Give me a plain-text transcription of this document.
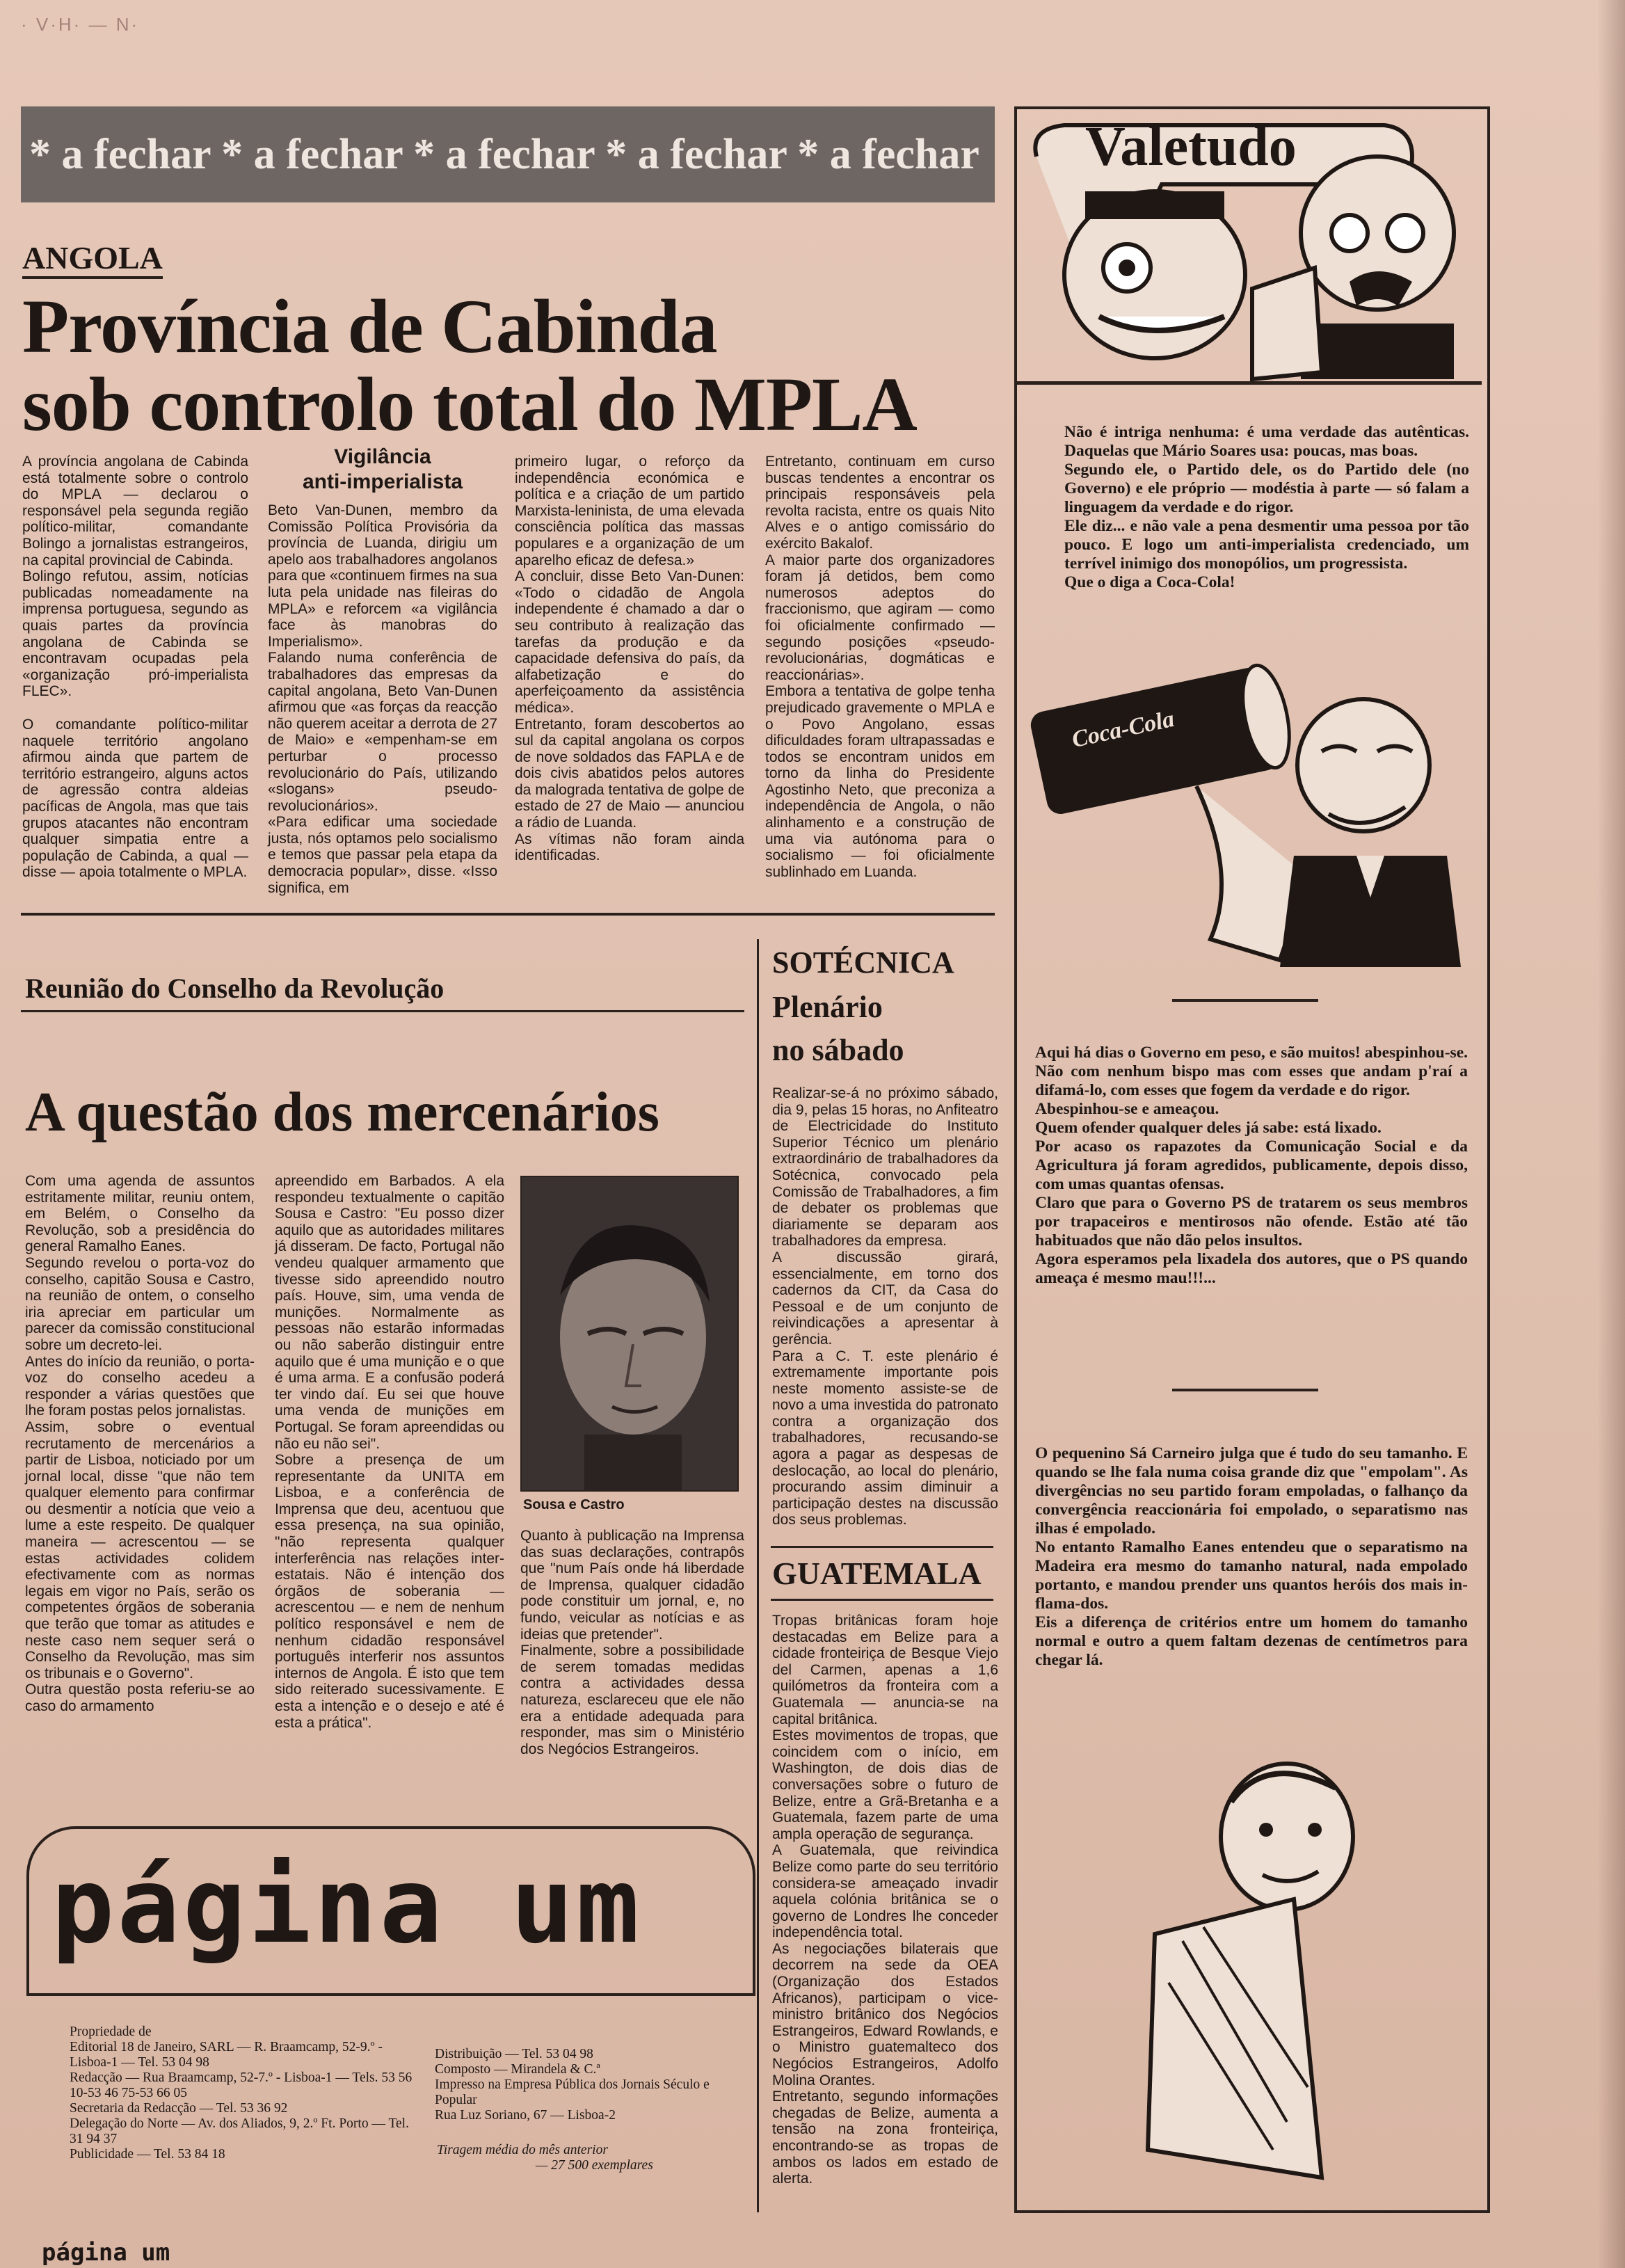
· V·H· — N·
* a fechar * a fechar * a fechar * a fechar * a fechar
ANGOLA
Província de Cabinda
sob controlo total do MPLA
A província angolana de Cabinda está totalmente sobre o controlo do MPLA — declarou o responsável pela segunda região político-militar, comandante Bolingo a jornalistas estrangeiros, na capital provincial de Cabinda.
Bolingo refutou, assim, notícias publicadas nomeadamente na imprensa portuguesa, segundo as quais partes da província angolana de Cabinda se encontravam ocupadas pela «organização pró-imperialista FLEC».
O comandante político-militar naquele território angolano afirmou ainda que partem de território estrangeiro, alguns actos de agressão contra aldeias pacíficas de Angola, mas que tais grupos atacantes não encontram qualquer simpatia entre a população de Cabinda, a qual — disse — apoia totalmente o MPLA.
Vigilância
anti-imperialista
Beto Van-Dunen, membro da Comissão Política Provisória da província de Luanda, dirigiu um apelo aos trabalhadores angolanos para que «continuem firmes na sua luta pela unidade nas fileiras do MPLA» e reforcem «a vigilância face às manobras do Imperialismo».
Falando numa conferência de trabalhadores das empresas da capital angolana, Beto Van-Dunen afirmou que «as forças da reacção não querem aceitar a derrota de 27 de Maio» e «empenham-se em perturbar o processo revolucionário do País, utilizando «slogans» pseudo-revolucionários».
«Para edificar uma sociedade justa, nós optamos pelo socialismo e temos que passar pela etapa da democracia popular», disse. «Isso significa, em
primeiro lugar, o reforço da independência económica e política e a criação de um partido Marxista-leninista, de uma elevada consciência política das massas populares e a organização de um aparelho eficaz de defesa.»
A concluir, disse Beto Van-Dunen: «Todo o cidadão de Angola independente é chamado a dar o seu contributo à realização das tarefas da produção e da capacidade defensiva do país, da alfabetização e do aperfeiçoamento da assistência médica».
Entretanto, foram descobertos ao sul da capital angolana os corpos de nove soldados das FAPLA e de dois civis abatidos pelos autores da malograda tentativa de golpe de estado de 27 de Maio — anunciou a rádio de Luanda.
As vítimas não foram ainda identificadas.
Entretanto, continuam em curso buscas tendentes a encontrar os principais responsáveis pela revolta racista, entre os quais Nito Alves e o antigo comissário do exército Bakalof.
A maior parte dos organizadores foram já detidos, bem como numerosos adeptos do fraccionismo, que agiram — como foi oficialmente confirmado — segundo posições «pseudo-revolucionárias, dogmáticas e reaccionárias».
Embora a tentativa de golpe tenha prejudicado gravemente o MPLA e o Povo Angolano, essas dificuldades foram ultrapassadas e todos se encontram unidos em torno da linha do Presidente Agostinho Neto, que preconiza a independência de Angola, o não alinhamento e a construção de uma via autónoma para o socialismo — foi oficialmente sublinhado em Luanda.
Reunião do Conselho da Revolução
A questão dos mercenários
Com uma agenda de assuntos estritamente militar, reuniu ontem, em Belém, o Conselho da Revolução, sob a presidência do general Ramalho Eanes.
Segundo revelou o porta-voz do conselho, capitão Sousa e Castro, na reunião de ontem, o conselho iria apreciar em particular um parecer da comissão constitucional sobre um decreto-lei.
Antes do início da reunião, o porta-voz do conselho acedeu a responder a várias questões que lhe foram postas pelos jornalistas.
Assim, sobre o eventual recrutamento de mercenários a partir de Lisboa, noticiado por um jornal local, disse "que não tem qualquer elemento para confirmar ou desmentir a notícia que veio a lume a este respeito. De qualquer maneira — acrescentou — se estas actividades colidem efectivamente com as normas legais em vigor no País, serão os competentes órgãos de soberania que terão que tomar as atitudes e neste caso nem sequer será o Conselho da Revolução, mas sim os tribunais e o Governo".
Outra questão posta referiu-se ao caso do armamento
apreendido em Barbados. A ela respondeu textualmente o capitão Sousa e Castro: "Eu posso dizer aquilo que as autoridades militares já disseram. De facto, Portugal não vendeu qualquer armamento que tivesse sido apreendido noutro país. Houve, sim, uma venda de munições. Normalmente as pessoas não estarão informadas ou não saberão distinguir entre aquilo que é uma munição e o que é uma arma. E a confusão poderá ter vindo daí. Eu sei que houve uma venda de munições em Portugal. Se foram apreendidas ou não eu não sei".
Sobre a presença de um representante da UNITA em Lisboa, e a conferência de Imprensa que deu, acentuou que essa presença, na sua opinião, "não representa qualquer interferência nas relações inter-estatais. Não é intenção dos órgãos de soberania — acrescentou — e nem de nenhum político responsável e nem de nenhum cidadão responsável português interferir nos assuntos internos de Angola. É isto que tem sido reiterado sucessivamente. E esta a intenção e o desejo e até é esta a prática".
Sousa e Castro
Quanto à publicação na Imprensa das suas declarações, contrapôs que "num País onde há liberdade de Imprensa, qualquer cidadão pode constituir um jornal, e, no fundo, veicular as notícias e as ideias que pretender".
Finalmente, sobre a possibilidade de serem tomadas medidas contra a actividades dessa natureza, esclareceu que ele não era a entidade adequada para responder, mas sim o Ministério dos Negócios Estrangeiros.
página um
Propriedade de
Editorial 18 de Janeiro, SARL — R. Braamcamp, 52-9.º - Lisboa-1 — Tel. 53 04 98
Redacção — Rua Braamcamp, 52-7.º - Lisboa-1 — Tels. 53 56 10-53 46 75-53 66 05
Secretaria da Redacção — Tel. 53 36 92
Delegação do Norte — Av. dos Aliados, 9, 2.º Ft. Porto — Tel. 31 94 37
Publicidade — Tel. 53 84 18
Distribuição — Tel. 53 04 98
Composto — Mirandela & C.ª
Impresso na Empresa Pública dos Jornais Século e Popular
Rua Luz Soriano, 67 — Lisboa-2
Tiragem média do mês anterior
— 27 500 exemplares
SOTÉCNICA
Plenário
no sábado
Realizar-se-á no próximo sábado, dia 9, pelas 15 horas, no Anfiteatro de Electricidade do Instituto Superior Técnico um plenário extraordinário de trabalhadores da Sotécnica, convocado pela Comissão de Trabalhadores, a fim de debater os problemas que diariamente se deparam aos trabalhadores da empresa.
A discussão girará, essencialmente, em torno dos cadernos da CIT, da Casa do Pessoal e de um conjunto de reivindicações a apresentar à gerência.
Para a C. T. este plenário é extremamente importante pois neste momento assiste-se de novo a uma investida do patronato contra a organização dos trabalhadores, recusando-se agora a pagar as despesas de deslocação, ao local do plenário, procurando assim diminuir a participação destes na discussão dos seus problemas.
GUATEMALA
Tropas britânicas foram hoje destacadas em Belize para a cidade fronteiriça de Besque Viejo del Carmen, apenas a 1,6 quilómetros da fronteira com a Guatemala — anuncia-se na capital britânica.
Estes movimentos de tropas, que coincidem com o início, em Washington, de dois dias de conversações sobre o futuro de Belize, entre a Grã-Bretanha e a Guatemala, fazem parte de uma ampla operação de segurança.
A Guatemala, que reivindica Belize como parte do seu território considera-se ameaçado invadir aquela colónia britânica se o governo de Londres lhe conceder independência total.
As negociações bilaterais que decorrem na sede da OEA (Organização dos Estados Africanos), participam o vice-ministro britânico dos Negócios Estrangeiros, Edward Rowlands, e o Ministro guatemalteco dos Negócios Estrangeiros, Adolfo Molina Orantes.
Entretanto, segundo informações chegadas de Belize, aumenta a tensão na zona fronteiriça, encontrando-se as tropas de ambos os lados em estado de alerta.
Valetudo
Não é intriga nenhuma: é uma verdade das autênticas. Daquelas que Mário Soares usa: poucas, mas boas.
Segundo ele, o Partido dele, os do Partido dele (no Governo) e ele próprio — modéstia à parte — só falam a linguagem da verdade e do rigor.
Ele diz... e não vale a pena desmentir uma pessoa por tão pouco. E logo um anti-imperialista credenciado, um terrível inimigo dos monopólios, um progressista.
Que o diga a Coca-Cola!
Coca-Cola
Aqui há dias o Governo em peso, e são muitos! abespinhou-se. Não com nenhum bispo mas com esses que andam p'raí a difamá-lo, com esses que fogem da verdade e do rigor.
Abespinhou-se e ameaçou.
Quem ofender qualquer deles já sabe: está lixado.
Por acaso os rapazotes da Comunicação Social e da Agricultura já foram agredidos, publicamente, depois disso, com umas quantas ofensas.
Claro que para o Governo PS de tratarem os seus membros por trapaceiros e mentirosos não ofende. Estão até tão habituados que não dão pelos insultos.
Agora esperamos pela lixadela dos autores, que o PS quando ameaça é mesmo mau!!!...
O pequenino Sá Carneiro julga que é tudo do seu tamanho. E quando se lhe fala numa coisa grande diz que "empolam". As divergências no seu partido foram empoladas, o falhanço da convergência reaccionária foi empolado, o separatismo nas ilhas é empolado.
No entanto Ramalho Eanes entendeu que o separatismo na Madeira era mesmo do tamanho natural, nada empolado portanto, e mandou prender uns quantos heróis dos mais in-flama-dos.
Eis a diferença de critérios entre um homem do tamanho normal e outro a quem faltam dezenas de centímetros para chegar lá.
página um
